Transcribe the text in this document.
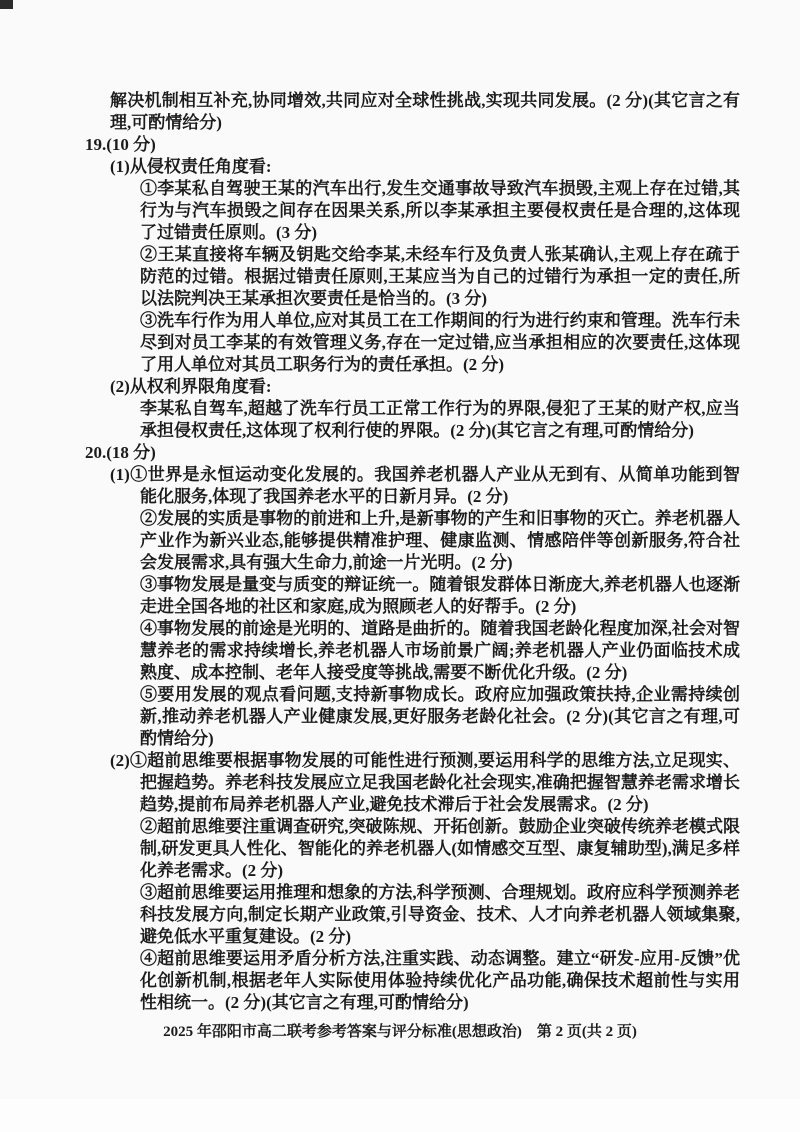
解决机制相互补充,协同增效,共同应对全球性挑战,实现共同发展。(2 分)(其它言之有理,可酌情给分)

19.(10 分)

(1)从侵权责任角度看:

①李某私自驾驶王某的汽车出行,发生交通事故导致汽车损毁,主观上存在过错,其行为与汽车损毁之间存在因果关系,所以李某承担主要侵权责任是合理的,这体现了过错责任原则。(3 分)

②王某直接将车辆及钥匙交给李某,未经车行及负责人张某确认,主观上存在疏于防范的过错。根据过错责任原则,王某应当为自己的过错行为承担一定的责任,所以法院判决王某承担次要责任是恰当的。(3 分)

③洗车行作为用人单位,应对其员工在工作期间的行为进行约束和管理。洗车行未尽到对员工李某的有效管理义务,存在一定过错,应当承担相应的次要责任,这体现了用人单位对其员工职务行为的责任承担。(2 分)

(2)从权利界限角度看:

李某私自驾车,超越了洗车行员工正常工作行为的界限,侵犯了王某的财产权,应当承担侵权责任,这体现了权利行使的界限。(2 分)(其它言之有理,可酌情给分)

20.(18 分)

(1)①世界是永恒运动变化发展的。我国养老机器人产业从无到有、从简单功能到智能化服务,体现了我国养老水平的日新月异。(2 分)

②发展的实质是事物的前进和上升,是新事物的产生和旧事物的灭亡。养老机器人产业作为新兴业态,能够提供精准护理、健康监测、情感陪伴等创新服务,符合社会发展需求,具有强大生命力,前途一片光明。(2 分)

③事物发展是量变与质变的辩证统一。随着银发群体日渐庞大,养老机器人也逐渐走进全国各地的社区和家庭,成为照顾老人的好帮手。(2 分)

④事物发展的前途是光明的、道路是曲折的。随着我国老龄化程度加深,社会对智慧养老的需求持续增长,养老机器人市场前景广阔;养老机器人产业仍面临技术成熟度、成本控制、老年人接受度等挑战,需要不断优化升级。(2 分)

⑤要用发展的观点看问题,支持新事物成长。政府应加强政策扶持,企业需持续创新,推动养老机器人产业健康发展,更好服务老龄化社会。(2 分)(其它言之有理,可酌情给分)

(2)①超前思维要根据事物发展的可能性进行预测,要运用科学的思维方法,立足现实、把握趋势。养老科技发展应立足我国老龄化社会现实,准确把握智慧养老需求增长趋势,提前布局养老机器人产业,避免技术滞后于社会发展需求。(2 分)

②超前思维要注重调查研究,突破陈规、开拓创新。鼓励企业突破传统养老模式限制,研发更具人性化、智能化的养老机器人(如情感交互型、康复辅助型),满足多样化养老需求。(2 分)

③超前思维要运用推理和想象的方法,科学预测、合理规划。政府应科学预测养老科技发展方向,制定长期产业政策,引导资金、技术、人才向养老机器人领域集聚,避免低水平重复建设。(2 分)

④超前思维要运用矛盾分析方法,注重实践、动态调整。建立“研发-应用-反馈”优化创新机制,根据老年人实际使用体验持续优化产品功能,确保技术超前性与实用性相统一。(2 分)(其它言之有理,可酌情给分)

2025 年邵阳市高二联考参考答案与评分标准(思想政治)　第 2 页(共 2 页)
